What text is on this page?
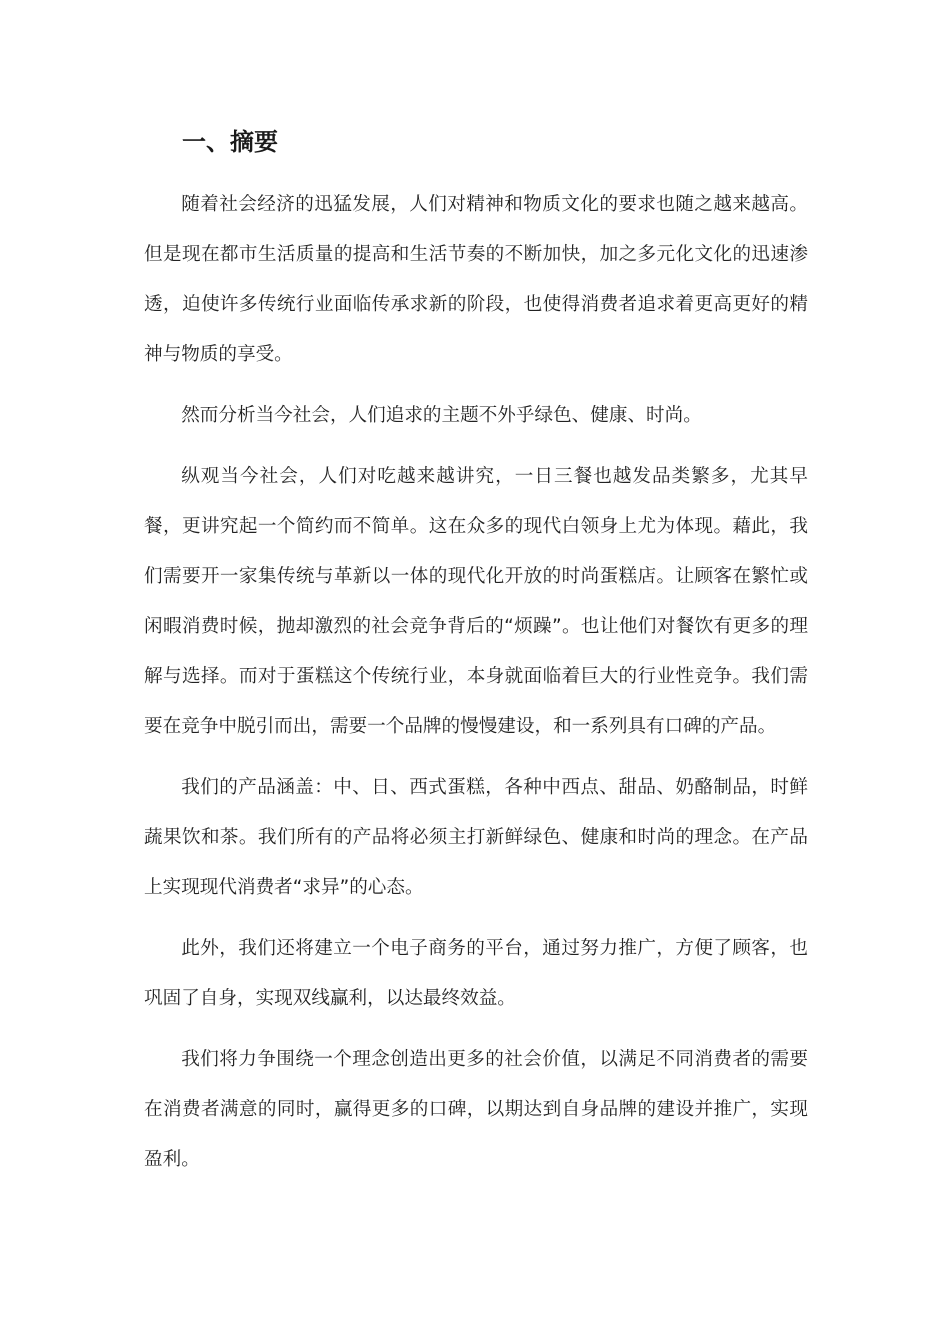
一、摘要

随着社会经济的迅猛发展，人们对精神和物质文化的要求也随之越来越高。但是现在都市生活质量的提高和生活节奏的不断加快，加之多元化文化的迅速渗透，迫使许多传统行业面临传承求新的阶段，也使得消费者追求着更高更好的精神与物质的享受。

然而分析当今社会，人们追求的主题不外乎绿色、健康、时尚。

纵观当今社会，人们对吃越来越讲究，一日三餐也越发品类繁多，尤其早餐，更讲究起一个简约而不简单。这在众多的现代白领身上尤为体现。藉此，我们需要开一家集传统与革新以一体的现代化开放的时尚蛋糕店。让顾客在繁忙或闲暇消费时候，抛却激烈的社会竞争背后的“烦躁”。也让他们对餐饮有更多的理解与选择。而对于蛋糕这个传统行业，本身就面临着巨大的行业性竞争。我们需要在竞争中脱引而出，需要一个品牌的慢慢建设，和一系列具有口碑的产品。

我们的产品涵盖：中、日、西式蛋糕，各种中西点、甜品、奶酪制品，时鲜蔬果饮和茶。我们所有的产品将必须主打新鲜绿色、健康和时尚的理念。在产品上实现现代消费者“求异”的心态。

此外，我们还将建立一个电子商务的平台，通过努力推广，方便了顾客，也巩固了自身，实现双线赢利，以达最终效益。

我们将力争围绕一个理念创造出更多的社会价值，以满足不同消费者的需要在消费者满意的同时，赢得更多的口碑，以期达到自身品牌的建设并推广，实现盈利。
